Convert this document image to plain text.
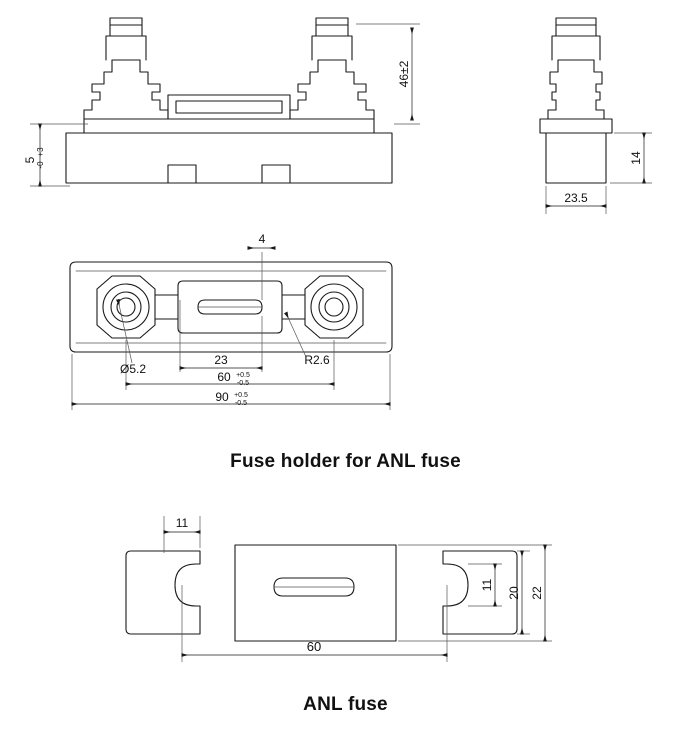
46±2
5
+3
-0
23.5
14
4
Ø5.2
23	R2.6
60 +0.5
-0.5
90 +0.5
-0.5
11
11
20 22
60
Fuse holder for ANL fuse
ANL fuse
